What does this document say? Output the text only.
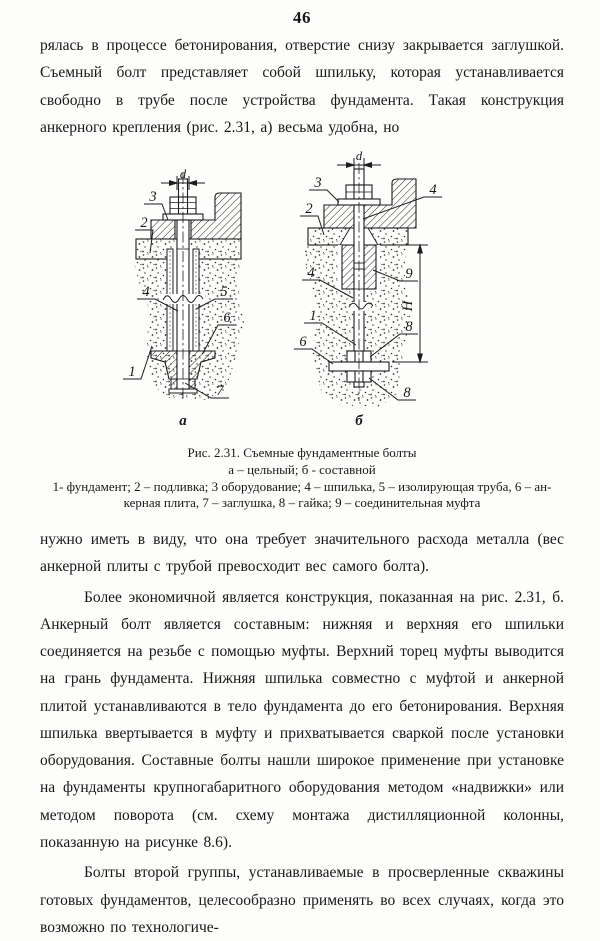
46

рялась в процессе бетонирования, отверстие снизу закрывается заглушкой. Съемный болт представляет собой шпильку, которая устанавливается свободно в трубе после устройства фундамента. Такая конструкция анкерного крепления (рис. 2.31, а) весьма удобна, но

d
3
2
4	5
6
1
7
а
d
H
3
2
4
9
4
1
6
8
8
б
Рис. 2.31. Съемные фундаментные болты
а – цельный; б - составной
1- фундамент; 2 – подливка; 3 оборудование; 4 – шпилька, 5 – изолирующая труба, 6 – ан-
керная плита, 7 – заглушка, 8 – гайка; 9 – соединительная муфта

нужно иметь в виду, что она требует значительного расхода металла (вес анкерной плиты с трубой превосходит вес самого болта).

Более экономичной является конструкция, показанная на рис. 2.31, б. Анкерный болт является составным: нижняя и верхняя его шпильки соединяется на резьбе с помощью муфты. Верхний торец муфты выводится на грань фундамента. Нижняя шпилька совместно с муфтой и анкерной плитой устанавливаются в тело фундамента до его бетонирования. Верхняя шпилька ввертывается в муфту и прихватывается сваркой после установки оборудования. Составные болты нашли широкое применение при установке на фундаменты крупногабаритного оборудования методом «надвижки» или методом поворота (см. схему монтажа дистилляционной колонны, показанную на рисунке 8.6).

Болты второй группы, устанавливаемые в просверленные скважины готовых фундаментов, целесообразно применять во всех случаях, когда это возможно по технологиче-
